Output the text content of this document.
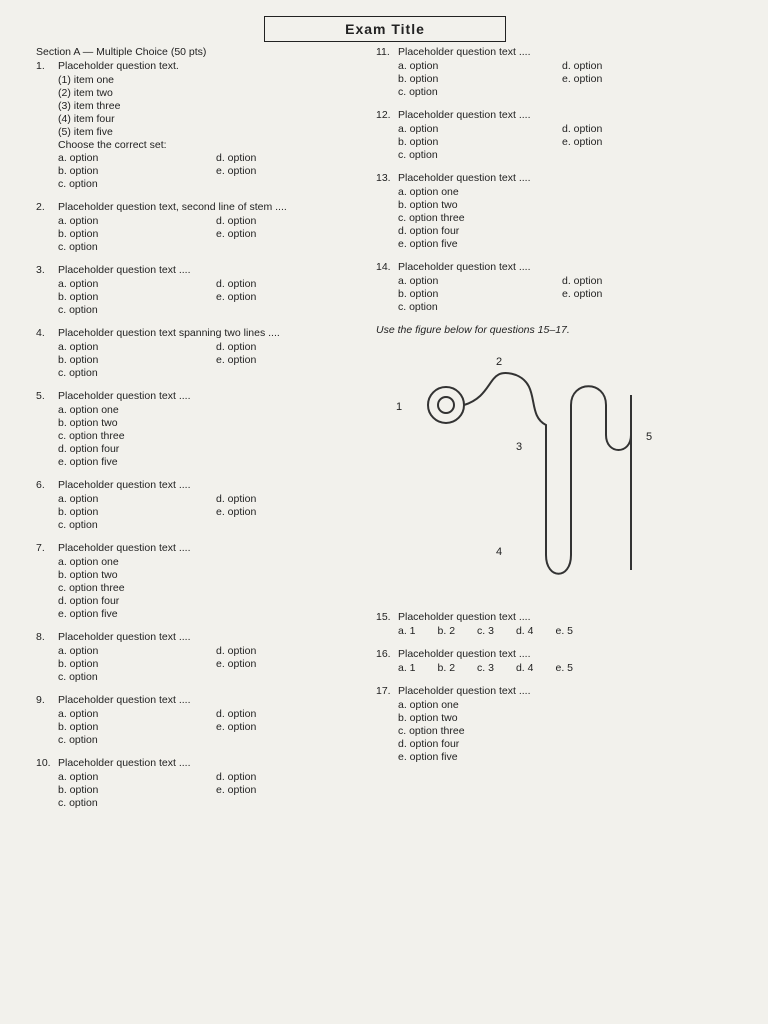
Exam Title
Section A — Multiple Choice (50 pts)
1.	Placeholder question text.
(1) item one
(2) item two
(3) item three
(4) item four
(5) item five
Choose the correct set:
a. option	d. option
b. option	e. option
c. option
2.	Placeholder question text, second line of stem ....
a. option	d. option
b. option	e. option
c. option
3.	Placeholder question text ....
a. option	d. option
b. option	e. option
c. option
4.	Placeholder question text spanning two lines ....
a. option	d. option
b. option	e. option
c. option
5.	Placeholder question text ....
a. option one
b. option two
c. option three
d. option four
e. option five
6.	Placeholder question text ....
a. option	d. option
b. option	e. option
c. option
7.	Placeholder question text ....
a. option one
b. option two
c. option three
d. option four
e. option five
8.	Placeholder question text ....
a. option	d. option
b. option	e. option
c. option
9.	Placeholder question text ....
a. option	d. option
b. option	e. option
c. option
10. Placeholder question text ....
a. option	d. option
b. option	e. option
c. option
11. Placeholder question text ....
a. option	d. option
b. option	e. option
c. option
12. Placeholder question text ....
a. option	d. option
b. option	e. option
c. option
13. Placeholder question text ....
a. option one
b. option two
c. option three
d. option four
e. option five
14. Placeholder question text ....
a. option	d. option
b. option	e. option
c. option
Use the figure below for questions 15–17.
1
2
3
4
5
15. Placeholder question text ....
a. 1 b. 2 c. 3 d. 4 e. 5
16. Placeholder question text ....
a. 1 b. 2 c. 3 d. 4 e. 5
17. Placeholder question text ....
a. option one
b. option two
c. option three
d. option four
e. option five
